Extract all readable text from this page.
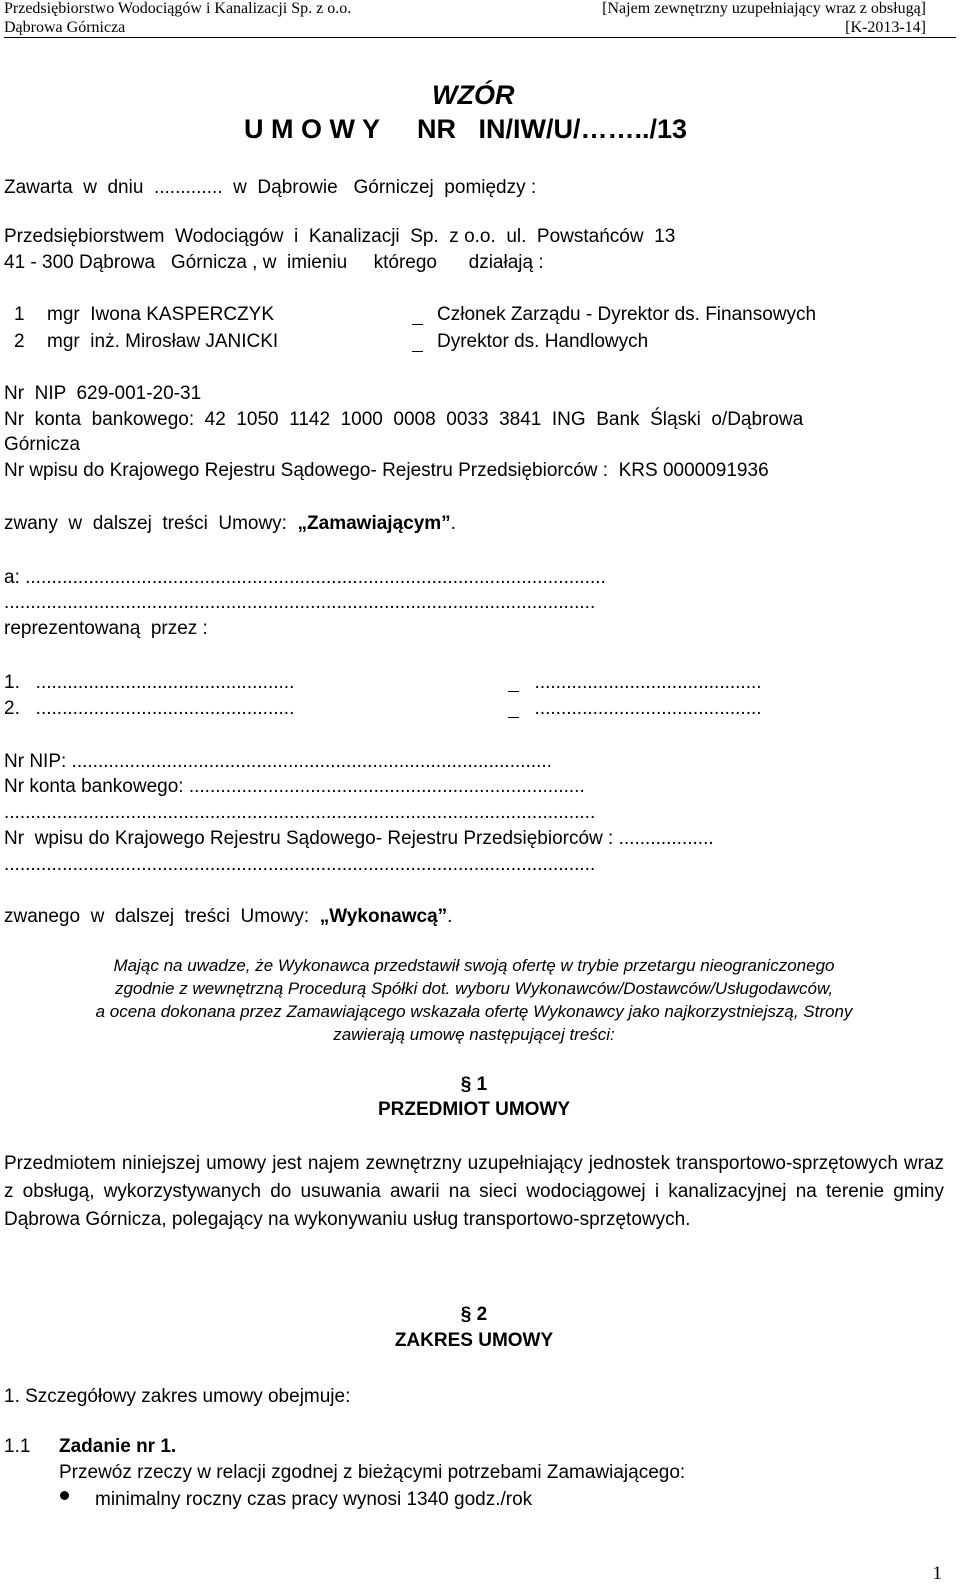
Przedsiębiorstwo Wodociągów i Kanalizacji Sp. z o.o.
Dąbrowa Górnicza
[Najem zewnętrzny uzupełniający wraz z obsługą]
[K-2013-14]
WZÓR
U M O W Y     NR   IN/IW/U/……../13
Zawarta  w  dniu  .............  w  Dąbrowie   Górniczej  pomiędzy :
Przedsiębiorstwem  Wodociągów  i  Kanalizacji  Sp.  z o.o.  ul.  Powstańców  13
41 - 300 Dąbrowa   Górnicza , w  imieniu     którego      działają :
1 mgr  Iwona KASPERCZYK	Członek Zarządu - Dyrektor ds. Finansowych
2 mgr  inż. Mirosław JANICKI	Dyrektor ds. Handlowych
Nr  NIP  629-001-20-31
Nr  konta  bankowego:  42  1050  1142  1000  0008  0033  3841  ING  Bank  Śląski  o/Dąbrowa
Górnicza
Nr wpisu do Krajowego Rejestru Sądowego- Rejestru Przedsiębiorców :  KRS 0000091936
zwany  w  dalszej  treści  Umowy:  „Zamawiającym”.
a: ..............................................................................................................
................................................................................................................
reprezentowaną  przez :
1.   .................................................	...........................................
2.   .................................................	...........................................
Nr NIP: ...........................................................................................
Nr konta bankowego: ...........................................................................
................................................................................................................
Nr  wpisu do Krajowego Rejestru Sądowego- Rejestru Przedsiębiorców : ..................
................................................................................................................
zwanego  w  dalszej  treści  Umowy:  „Wykonawcą”.
Mając na uwadze, że Wykonawca przedstawił swoją ofertę w trybie przetargu nieograniczonego
zgodnie z wewnętrzną Procedurą Spółki dot. wyboru Wykonawców/Dostawców/Usługodawców,
a ocena dokonana przez Zamawiającego wskazała ofertę Wykonawcy jako najkorzystniejszą, Strony
zawierają umowę następującej treści:
§ 1
PRZEDMIOT UMOWY
Przedmiotem niniejszej umowy jest najem zewnętrzny uzupełniający jednostek transportowo-sprzętowych wraz z obsługą, wykorzystywanych do usuwania awarii na sieci wodociągowej i kanalizacyjnej na terenie gminy Dąbrowa Górnicza, polegający na wykonywaniu usług transportowo-sprzętowych.
§ 2
ZAKRES UMOWY
1. Szczegółowy zakres umowy obejmuje:
1.1 Zadanie nr 1.
Przewóz rzeczy w relacji zgodnej z bieżącymi potrzebami Zamawiającego:
minimalny roczny czas pracy wynosi 1340 godz./rok
1
